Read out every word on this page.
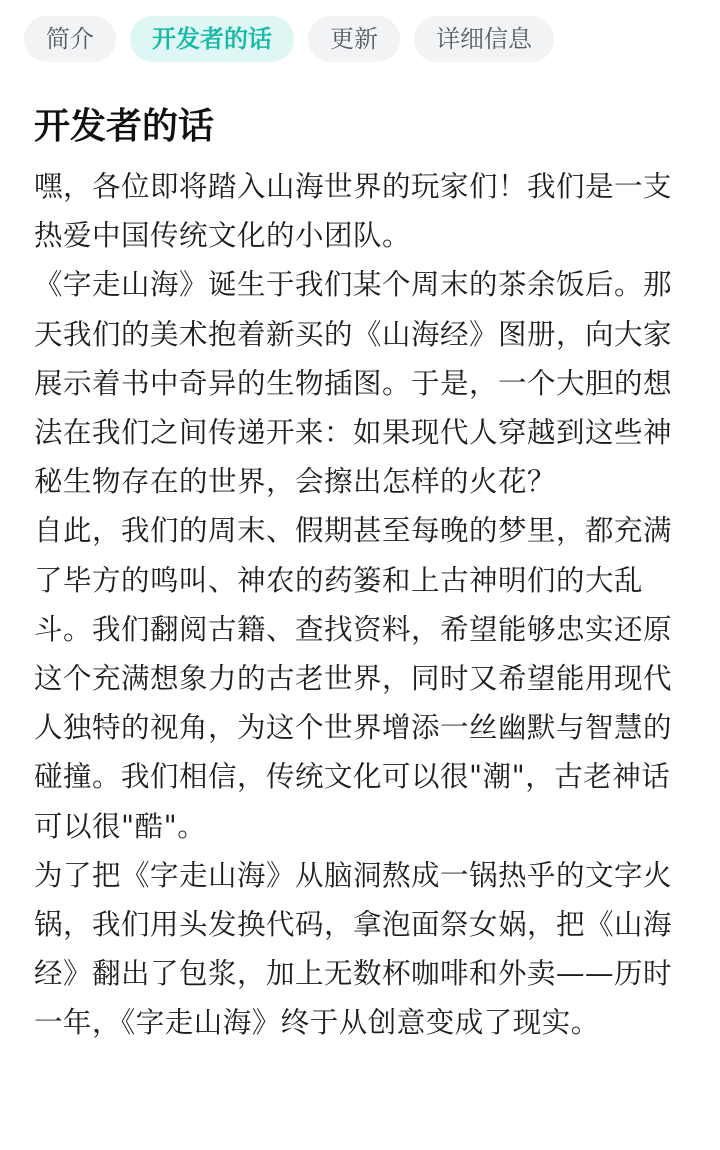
简介	开发者的话	更新	详细信息
开发者的话

嘿，各位即将踏入山海世界的玩家们！我们是一支热爱中国传统文化的小团队。

《字走山海》诞生于我们某个周末的茶余饭后。那天我们的美术抱着新买的《山海经》图册，向大家展示着书中奇异的生物插图。于是，一个大胆的想法在我们之间传递开来：如果现代人穿越到这些神秘生物存在的世界，会擦出怎样的火花？

自此，我们的周末、假期甚至每晚的梦里，都充满了毕方的鸣叫、神农的药篓和上古神明们的大乱斗。我们翻阅古籍、查找资料，希望能够忠实还原这个充满想象力的古老世界，同时又希望能用现代人独特的视角，为这个世界增添一丝幽默与智慧的碰撞。我们相信，传统文化可以很"潮"，古老神话可以很"酷"。

为了把《字走山海》从脑洞熬成一锅热乎的文字火锅，我们用头发换代码，拿泡面祭女娲，把《山海经》翻出了包浆，加上无数杯咖啡和外卖——历时一年，《字走山海》终于从创意变成了现实。
